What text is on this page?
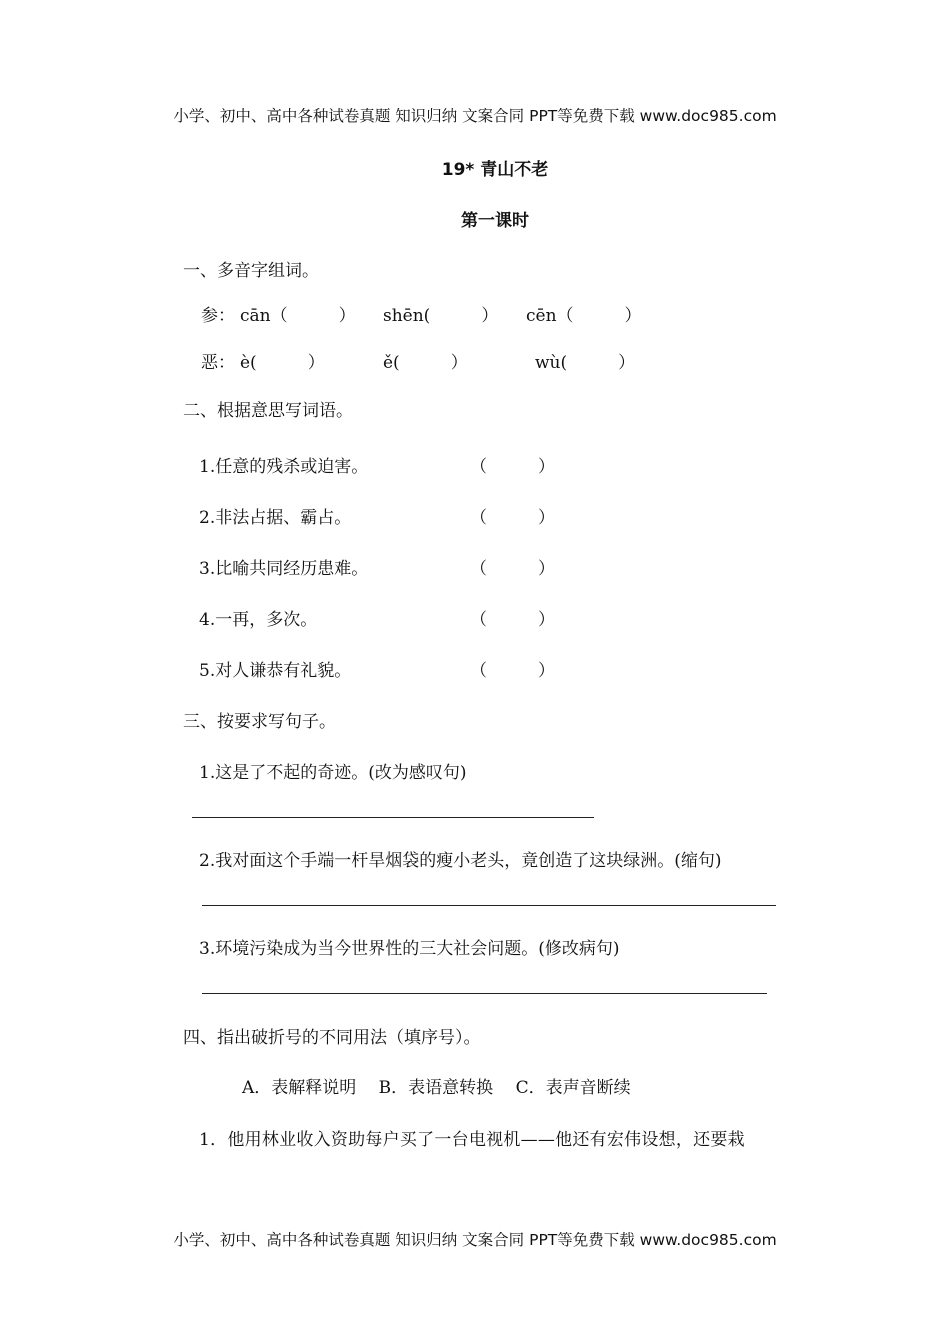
小学、初中、高中各种试卷真题 知识归纳 文案合同 PPT等免费下载 www.doc985.com
19* 青山不老
第一课时
一、多音字组词。
参： cān（　　　） shēn(　　　） cēn（　　　）
恶： è(　　　）	ě(　　　）	wù(　　　）
二、根据意思写词语。
1.任意的残杀或迫害。	（　　　）
2.非法占据、霸占。	（　　　）
3.比喻共同经历患难。	（　　　）
4.一再，多次。	（　　　）
5.对人谦恭有礼貌。	（　　　）
三、按要求写句子。
1.这是了不起的奇迹。(改为感叹句)
2.我对面这个手端一杆旱烟袋的瘦小老头，竟创造了这块绿洲。(缩句)
3.环境污染成为当今世界性的三大社会问题。(修改病句)
四、指出破折号的不同用法（填序号）。
A．表解释说明　 B．表语意转换　 C．表声音断续
1．他用林业收入资助每户买了一台电视机——他还有宏伟设想，还要栽
小学、初中、高中各种试卷真题 知识归纳 文案合同 PPT等免费下载 www.doc985.com
